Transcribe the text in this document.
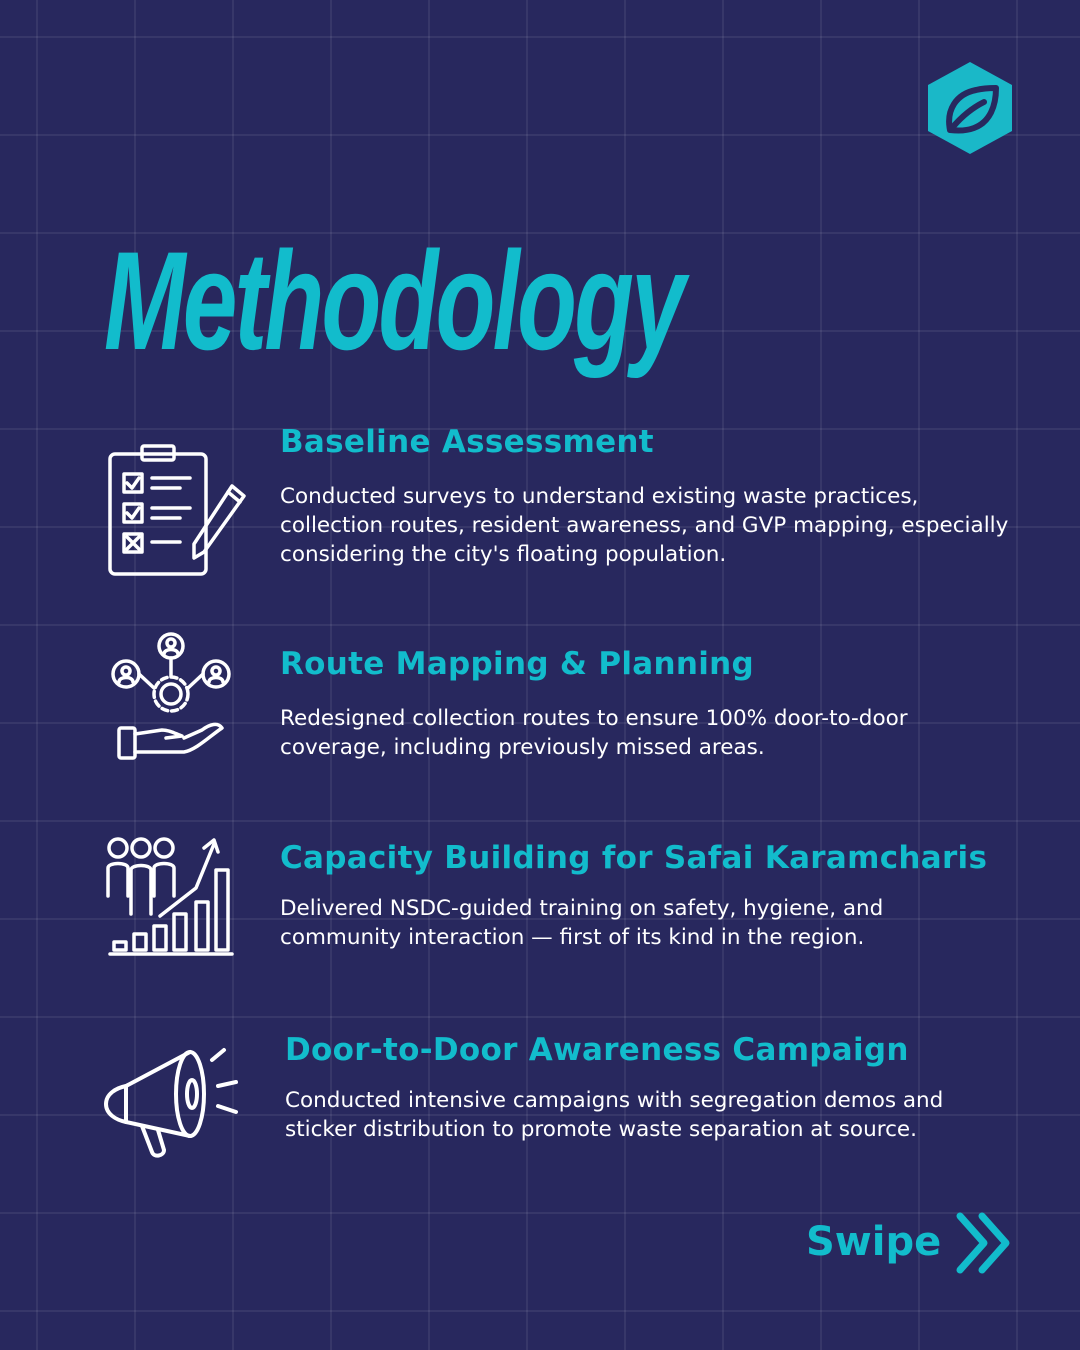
Methodology
Baseline Assessment

Conducted surveys to understand existing waste practices, collection routes, resident awareness, and GVP mapping, especially considering the city's floating population.

Route Mapping & Planning

Redesigned collection routes to ensure 100% door-to-door coverage, including previously missed areas.

Capacity Building for Safai Karamcharis

Delivered NSDC-guided training on safety, hygiene, and community interaction — first of its kind in the region.

Door-to-Door Awareness Campaign

Conducted intensive campaigns with segregation demos and sticker distribution to promote waste separation at source.

Swipe
